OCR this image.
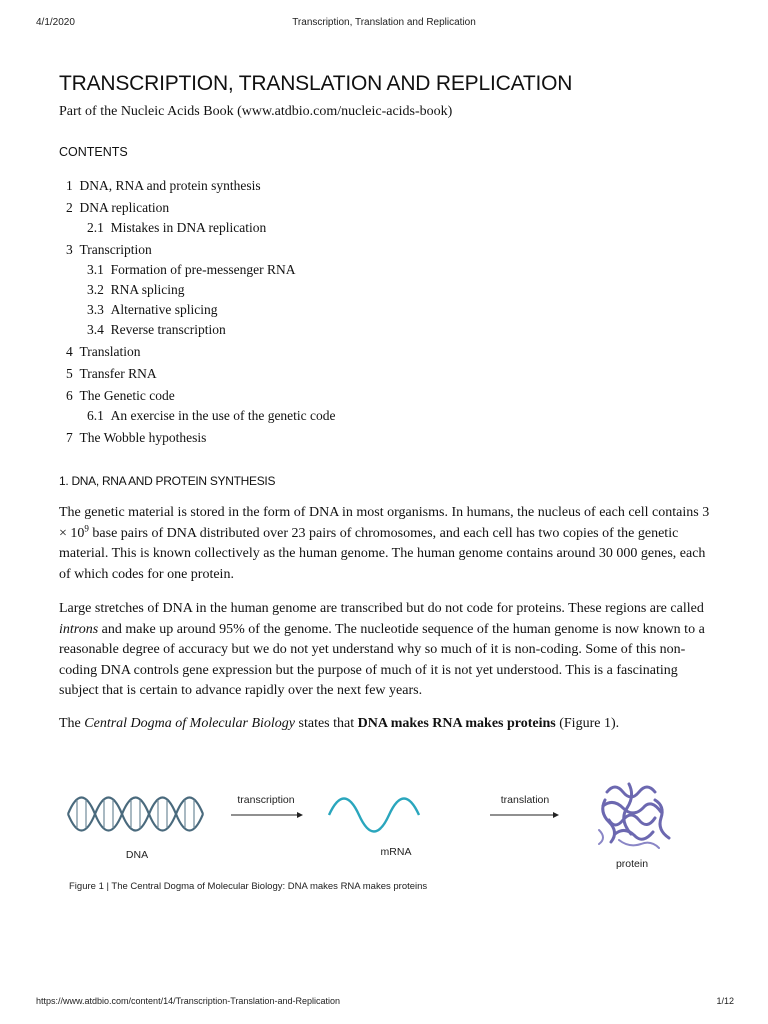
4/1/2020	Transcription, Translation and Replication
TRANSCRIPTION, TRANSLATION AND REPLICATION
Part of the Nucleic Acids Book (www.atdbio.com/nucleic-acids-book)
CONTENTS
1 DNA, RNA and protein synthesis
2 DNA replication
2.1 Mistakes in DNA replication
3 Transcription
3.1 Formation of pre-messenger RNA
3.2 RNA splicing
3.3 Alternative splicing
3.4 Reverse transcription
4 Translation
5 Transfer RNA
6 The Genetic code
6.1 An exercise in the use of the genetic code
7 The Wobble hypothesis
1. DNA, RNA AND PROTEIN SYNTHESIS

The genetic material is stored in the form of DNA in most organisms. In humans, the nucleus of each cell contains $3 \times 10^9$ base pairs of DNA distributed over 23 pairs of chromosomes, and each cell has two copies of the genetic material. This is known collectively as the human genome. The human genome contains around 30 000 genes, each of which codes for one protein.

Large stretches of DNA in the human genome are transcribed but do not code for proteins. These regions are called introns and make up around 95% of the genome. The nucleotide sequence of the human genome is now known to a reasonable degree of accuracy but we do not yet understand why so much of it is non-coding. Some of this non-coding DNA controls gene expression but the purpose of much of it is not yet understood. This is a fascinating subject that is certain to advance rapidly over the next few years.

The Central Dogma of Molecular Biology states that DNA makes RNA makes proteins (Figure 1).

DNA
transcription
mRNA
translation
protein
Figure 1 | The Central Dogma of Molecular Biology: DNA makes RNA makes proteins
https://www.atdbio.com/content/14/Transcription-Translation-and-Replication	1/12
